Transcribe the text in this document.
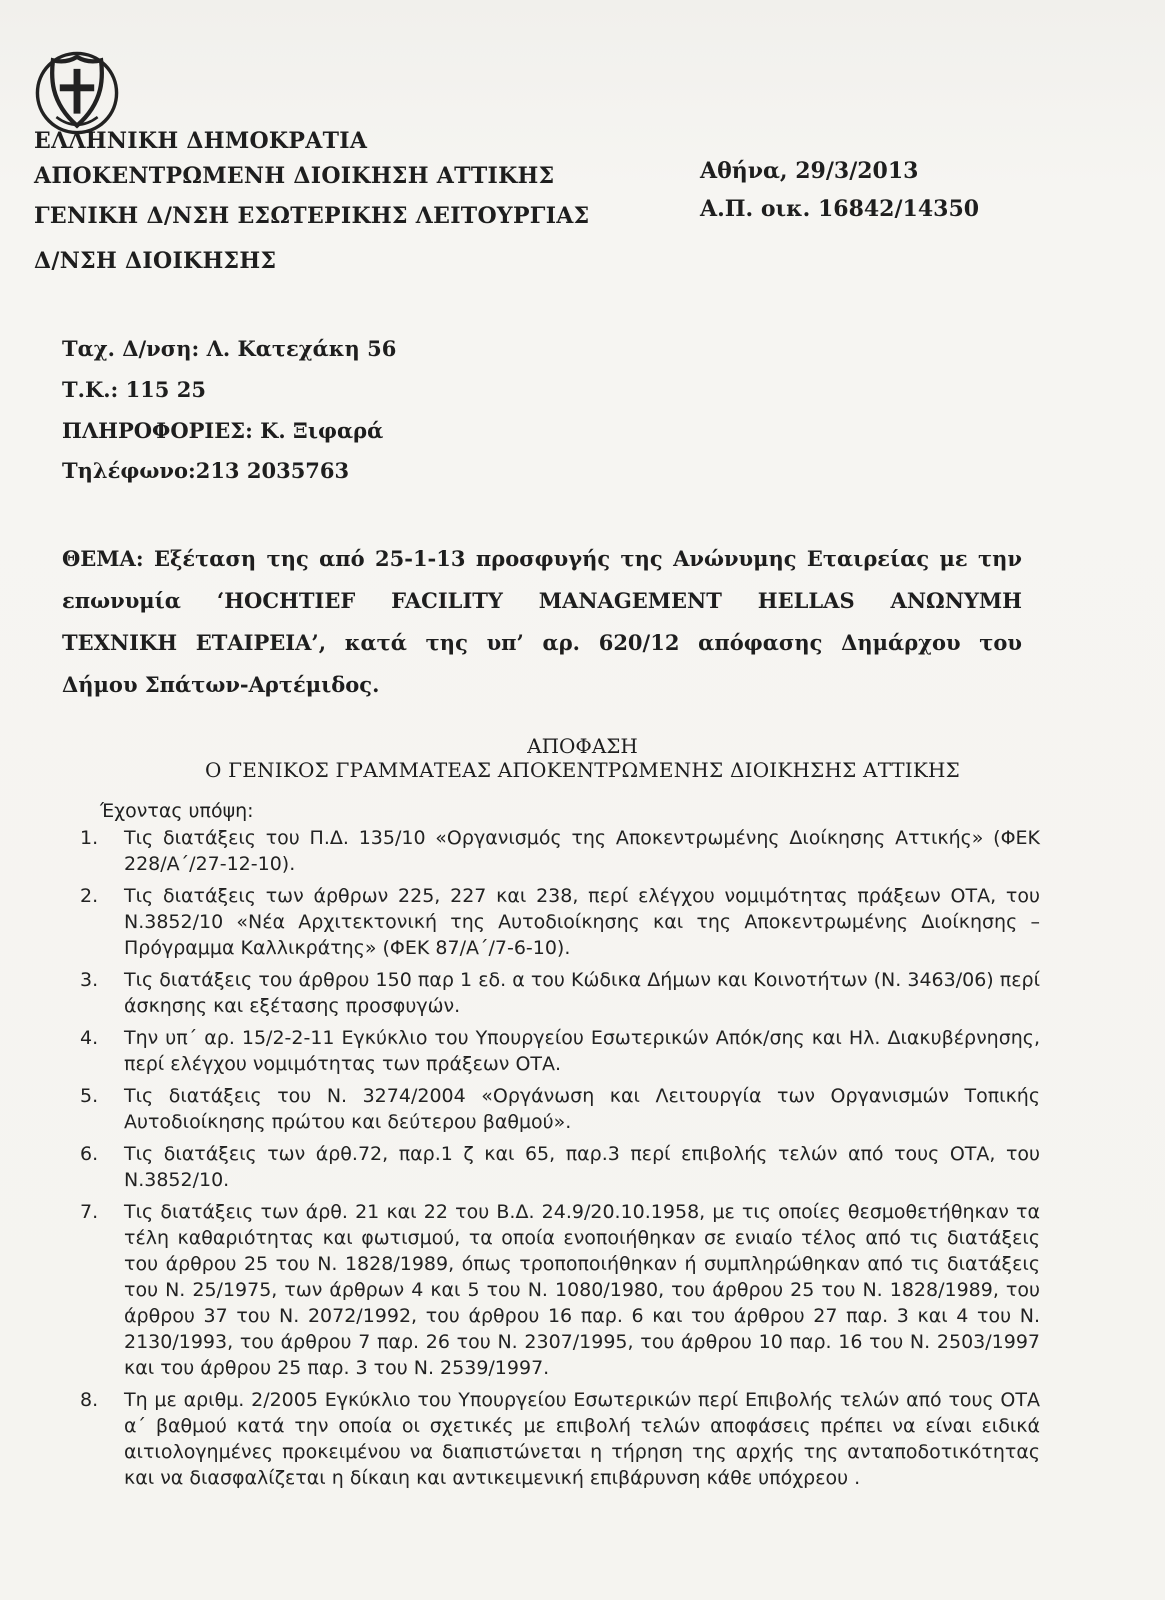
ΕΛΛΗΝΙΚΗ ΔΗΜΟΚΡΑΤΙΑ
ΑΠΟΚΕΝΤΡΩΜΕΝΗ ΔΙΟΙΚΗΣΗ ΑΤΤΙΚΗΣ
ΓΕΝΙΚΗ Δ/ΝΣΗ ΕΣΩΤΕΡΙΚΗΣ ΛΕΙΤΟΥΡΓΙΑΣ
Δ/ΝΣΗ ΔΙΟΙΚΗΣΗΣ
Αθήνα, 29/3/2013
Α.Π. οικ. 16842/14350
Ταχ. Δ/νση: Λ. Κατεχάκη 56
Τ.Κ.: 115 25
ΠΛΗΡΟΦΟΡΙΕΣ: Κ. Ξιφαρά
Τηλέφωνο:213 2035763
ΘΕΜΑ: Εξέταση της από 25-1-13 προσφυγής της Ανώνυμης Εταιρείας με την
επωνυμία ‘HOCHTIEF FACILITY MANAGEMENT HELLAS ΑΝΩΝΥΜΗ
ΤΕΧΝΙΚΗ ΕΤΑΙΡΕΙΑ’, κατά της υπ’ αρ. 620/12 απόφασης Δημάρχου του
Δήμου Σπάτων-Αρτέμιδος.
ΑΠΟΦΑΣΗ
Ο ΓΕΝΙΚΟΣ ΓΡΑΜΜΑΤΕΑΣ ΑΠΟΚΕΝΤΡΩΜΕΝΗΣ ΔΙΟΙΚΗΣΗΣ ΑΤΤΙΚΗΣ
Έχοντας υπόψη:
1.	Τις διατάξεις του Π.Δ. 135/10 «Οργανισμός της Αποκεντρωμένης Διοίκησης Αττικής» (ΦΕΚ 228/Α΄/27-12-10).
2.	Τις διατάξεις των άρθρων 225, 227 και 238, περί ελέγχου νομιμότητας πράξεων ΟΤΑ, του Ν.3852/10 «Νέα Αρχιτεκτονική της Αυτοδιοίκησης και της Αποκεντρωμένης Διοίκησης – Πρόγραμμα Καλλικράτης» (ΦΕΚ 87/Α΄/7-6-10).
3.	Τις διατάξεις του άρθρου 150 παρ 1 εδ. α του Κώδικα Δήμων και Κοινοτήτων (Ν. 3463/06) περί άσκησης και εξέτασης προσφυγών.
4.	Την υπ΄ αρ. 15/2-2-11 Εγκύκλιο του Υπουργείου Εσωτερικών Απόκ/σης και Ηλ. Διακυβέρνησης, περί ελέγχου νομιμότητας των πράξεων ΟΤΑ.
5.	Τις διατάξεις του Ν. 3274/2004 «Οργάνωση και Λειτουργία των Οργανισμών Τοπικής Αυτοδιοίκησης πρώτου και δεύτερου βαθμού».
6.	Τις διατάξεις των άρθ.72, παρ.1 ζ και 65, παρ.3 περί επιβολής τελών από τους ΟΤΑ, του Ν.3852/10.
7.	Τις διατάξεις των άρθ. 21 και 22 του Β.Δ. 24.9/20.10.1958, με τις οποίες θεσμοθετήθηκαν τα τέλη καθαριότητας και φωτισμού, τα οποία ενοποιήθηκαν σε ενιαίο τέλος από τις διατάξεις του άρθρου 25 του Ν. 1828/1989, όπως τροποποιήθηκαν ή συμπληρώθηκαν από τις διατάξεις του Ν. 25/1975, των άρθρων 4 και 5 του Ν. 1080/1980, του άρθρου 25 του Ν. 1828/1989, του άρθρου 37 του Ν. 2072/1992, του άρθρου 16 παρ. 6 και του άρθρου 27 παρ. 3 και 4 του Ν. 2130/1993, του άρθρου 7 παρ. 26 του Ν. 2307/1995, του άρθρου 10 παρ. 16 του Ν. 2503/1997 και του άρθρου 25 παρ. 3 του Ν. 2539/1997.
8.	Τη με αριθμ. 2/2005 Εγκύκλιο του Υπουργείου Εσωτερικών περί Επιβολής τελών από τους ΟΤΑ α΄ βαθμού κατά την οποία οι σχετικές με επιβολή τελών αποφάσεις πρέπει να είναι ειδικά αιτιολογημένες προκειμένου να διαπιστώνεται η τήρηση της αρχής της ανταποδοτικότητας και να διασφαλίζεται η δίκαιη και αντικειμενική επιβάρυνση κάθε υπόχρεου .
